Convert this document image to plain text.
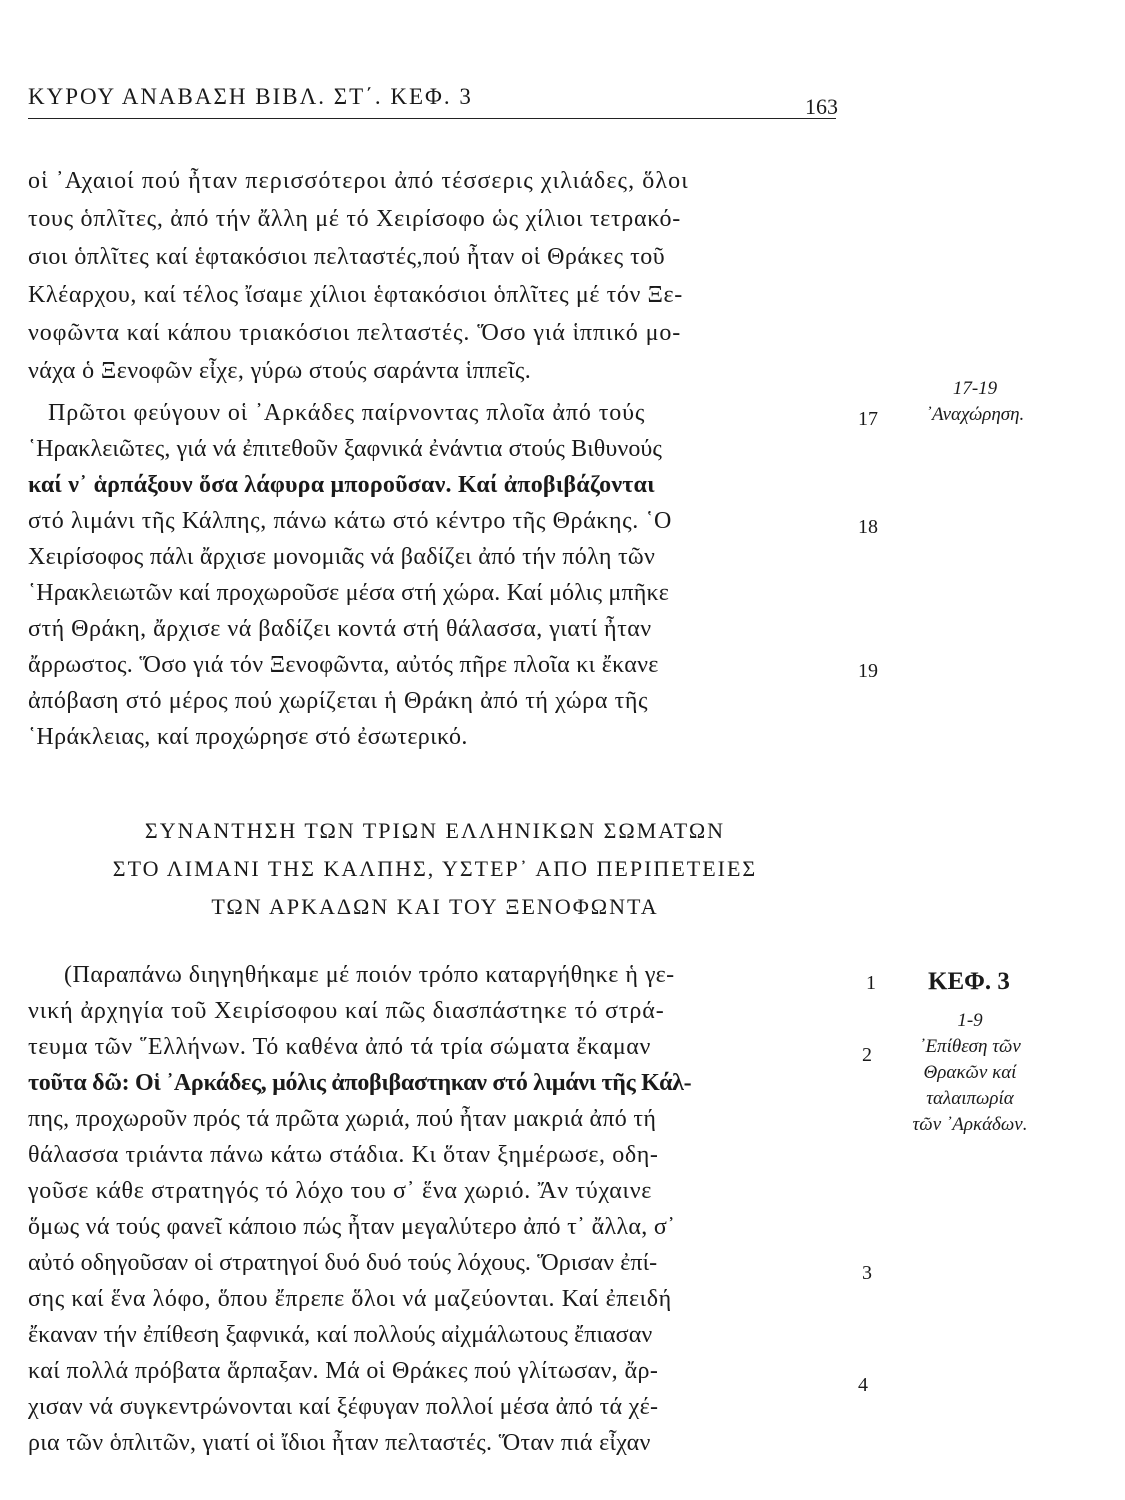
ΚΥΡΟΥ ΑΝΑΒΑΣΗ ΒΙΒΛ. ΣΤ΄. ΚΕΦ. 3	163
οἱ ᾿Αχαιοί πού ἦταν περισσότεροι ἀπό τέσσερις χιλιάδες, ὅλοι
τους ὁπλῖτες, ἀπό τήν ἄλλη μέ τό Χειρίσοφο ὡς χίλιοι τετρακό-
σιοι ὁπλῖτες καί ἑφτακόσιοι πελταστές,πού ἦταν οἱ Θράκες τοῦ
Κλέαρχου, καί τέλος ἴσαμε χίλιοι ἑφτακόσιοι ὁπλῖτες μέ τόν Ξε-
νοφῶντα καί κάπου τριακόσιοι πελταστές. Ὅσο γιά ἱππικό μο-
νάχα ὁ Ξενοφῶν εἶχε, γύρω στούς σαράντα ἱππεῖς.
Πρῶτοι φεύγουν οἱ ᾿Αρκάδες παίρνοντας πλοῖα ἀπό τούς
῾Ηρακλειῶτες, γιά νά ἐπιτεθοῦν ξαφνικά ἐνάντια στούς Βιθυνούς
καί ν᾿ ἁρπάξουν ὅσα λάφυρα μποροῦσαν. Καί ἀποβιβάζονται
στό λιμάνι τῆς Κάλπης, πάνω κάτω στό κέντρο τῆς Θράκης. ῾Ο
Χειρίσοφος πάλι ἄρχισε μονομιᾶς νά βαδίζει ἀπό τήν πόλη τῶν
῾Ηρακλειωτῶν καί προχωροῦσε μέσα στή χώρα. Καί μόλις μπῆκε
στή Θράκη, ἄρχισε νά βαδίζει κοντά στή θάλασσα, γιατί ἦταν
ἄρρωστος. Ὅσο γιά τόν Ξενοφῶντα, αὐτός πῆρε πλοῖα κι ἔκανε
ἀπόβαση στό μέρος πού χωρίζεται ἡ Θράκη ἀπό τή χώρα τῆς
῾Ηράκλειας, καί προχώρησε στό ἐσωτερικό.
17
18
19
17-19
᾿Αναχώρηση.
ΣΥΝΑΝΤΗΣΗ ΤΩΝ ΤΡΙΩΝ ΕΛΛΗΝΙΚΩΝ ΣΩΜΑΤΩΝ
ΣΤΟ ΛΙΜΑΝΙ ΤΗΣ ΚΑΛΠΗΣ, ΥΣΤΕΡ᾿ ΑΠΟ ΠΕΡΙΠΕΤΕΙΕΣ
ΤΩΝ ΑΡΚΑΔΩΝ ΚΑΙ ΤΟΥ ΞΕΝΟΦΩΝΤΑ
(Παραπάνω διηγηθήκαμε μέ ποιόν τρόπο καταργήθηκε ἡ γε-
νική ἀρχηγία τοῦ Χειρίσοφου καί πῶς διασπάστηκε τό στρά-
τευμα τῶν ῞Ελλήνων. Τό καθένα ἀπό τά τρία σώματα ἔκαμαν
τοῦτα δῶ: Οἱ ᾿Αρκάδες, μόλις ἀποβιβαστηκαν στό λιμάνι τῆς Κάλ-
πης, προχωροῦν πρός τά πρῶτα χωριά, πού ἦταν μακριά ἀπό τή
θάλασσα τριάντα πάνω κάτω στάδια. Κι ὅταν ξημέρωσε, οδη-
γοῦσε κάθε στρατηγός τό λόχο του σ᾿ ἕνα χωριό. Ἄν τύχαινε
ὅμως νά τούς φανεῖ κάποιο πώς ἦταν μεγαλύτερο ἀπό τ᾿ ἄλλα, σ᾿
αὐτό οδηγοῦσαν οἱ στρατηγοί δυό δυό τούς λόχους. Ὅρισαν ἐπί-
σης καί ἕνα λόφο, ὅπου ἔπρεπε ὅλοι νά μαζεύονται. Καί ἐπειδή
ἔκαναν τήν ἐπίθεση ξαφνικά, καί πολλούς αἰχμάλωτους ἔπιασαν
καί πολλά πρόβατα ἅρπαξαν. Μά οἱ Θράκες πού γλίτωσαν, ἄρ-
χισαν νά συγκεντρώνονται καί ξέφυγαν πολλοί μέσα ἀπό τά χέ-
ρια τῶν ὁπλιτῶν, γιατί οἱ ἴδιοι ἦταν πελταστές. Ὅταν πιά εἶχαν
1
2
3
4
ΚΕΦ. 3
1-9
᾿Επίθεση τῶν
Θρακῶν καί
ταλαιπωρία
τῶν ᾿Αρκάδων.
